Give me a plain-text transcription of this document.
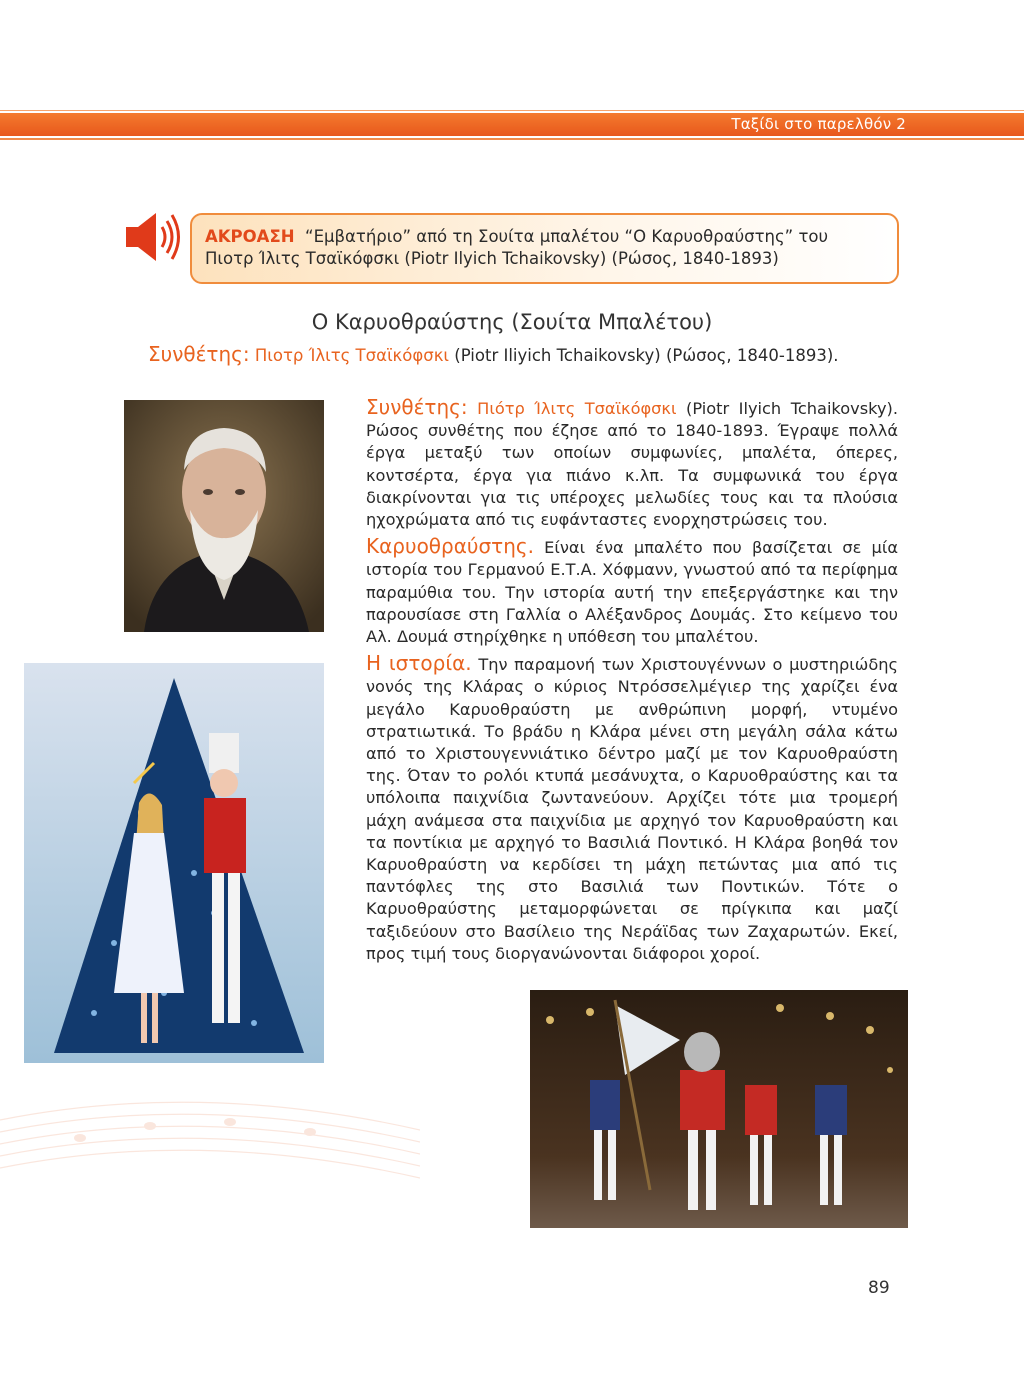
Ταξίδι στο παρελθόν 2
ΑΚΡΟΑΣΗ “Εμβατήριο” από τη Σουίτα μπαλέτου “Ο Καρυοθραύστης” του
Πιοτρ Ίλιτς Τσαϊκόφσκι (Piotr Ilyich Tchaikovsky) (Ρώσος, 1840-1893)
Ο Καρυοθραύστης (Σουίτα Μπαλέτου)
Συνθέτης: Πιοτρ Ίλιτς Τσαϊκόφσκι (Piotr Iliyich Tchaikovsky) (Ρώσος, 1840-1893).

Συνθέτης: Πιότρ Ίλιτς Τσαϊκόφσκι (Piotr Ilyich Tchaikovsky). Ρώσος συνθέτης που έζησε από το 1840-1893. Έγραψε πολλά έργα μεταξύ των οποίων συμφωνίες, μπαλέτα, όπερες, κοντσέρτα, έργα για πιάνο κ.λπ. Τα συμφωνικά του έργα διακρίνονται για τις υπέροχες μελωδίες τους και τα πλούσια ηχοχρώματα από τις ευφάνταστες ενορχηστρώσεις του.

Καρυοθραύστης. Είναι ένα μπαλέτο που βασίζεται σε μία ιστορία του Γερμανού Ε.Τ.Α. Χόφμανν, γνωστού από τα περίφημα παραμύθια του. Την ιστορία αυτή την επεξεργάστηκε και την παρουσίασε στη Γαλλία ο Αλέξανδρος Δουμάς. Στο κείμενο του Αλ. Δουμά στηρίχθηκε η υπόθεση του μπαλέτου.

Η ιστορία. Την παραμονή των Χριστουγέννων ο μυστηριώδης νονός της Κλάρας ο κύριος Ντρόσσελμέγιερ της χαρίζει ένα μεγάλο Καρυοθραύστη με ανθρώπινη μορφή, ντυμένο στρατιωτικά. Το βράδυ η Κλάρα μένει στη μεγάλη σάλα κάτω από το Χριστουγεννιάτικο δέντρο μαζί με τον Καρυοθραύστη της. Όταν το ρολόι κτυπά μεσάνυχτα, ο Καρυοθραύστης και τα υπόλοιπα παιχνίδια ζωντανεύουν. Αρχίζει τότε μια τρομερή μάχη ανάμεσα στα παιχνίδια με αρχηγό τον Καρυοθραύστη και τα ποντίκια με αρχηγό το Βασιλιά Ποντικό. Η Κλάρα βοηθά τον Καρυοθραύστη να κερδίσει τη μάχη πετώντας μια από τις παντόφλες της στο Βασιλιά των Ποντικών. Τότε ο Καρυοθραύστης μεταμορφώνεται σε πρίγκιπα και μαζί ταξιδεύουν στο Βασίλειο της Νεράϊδας των Ζαχαρωτών. Εκεί, προς τιμή τους διοργανώνονται διάφοροι χοροί.

89
